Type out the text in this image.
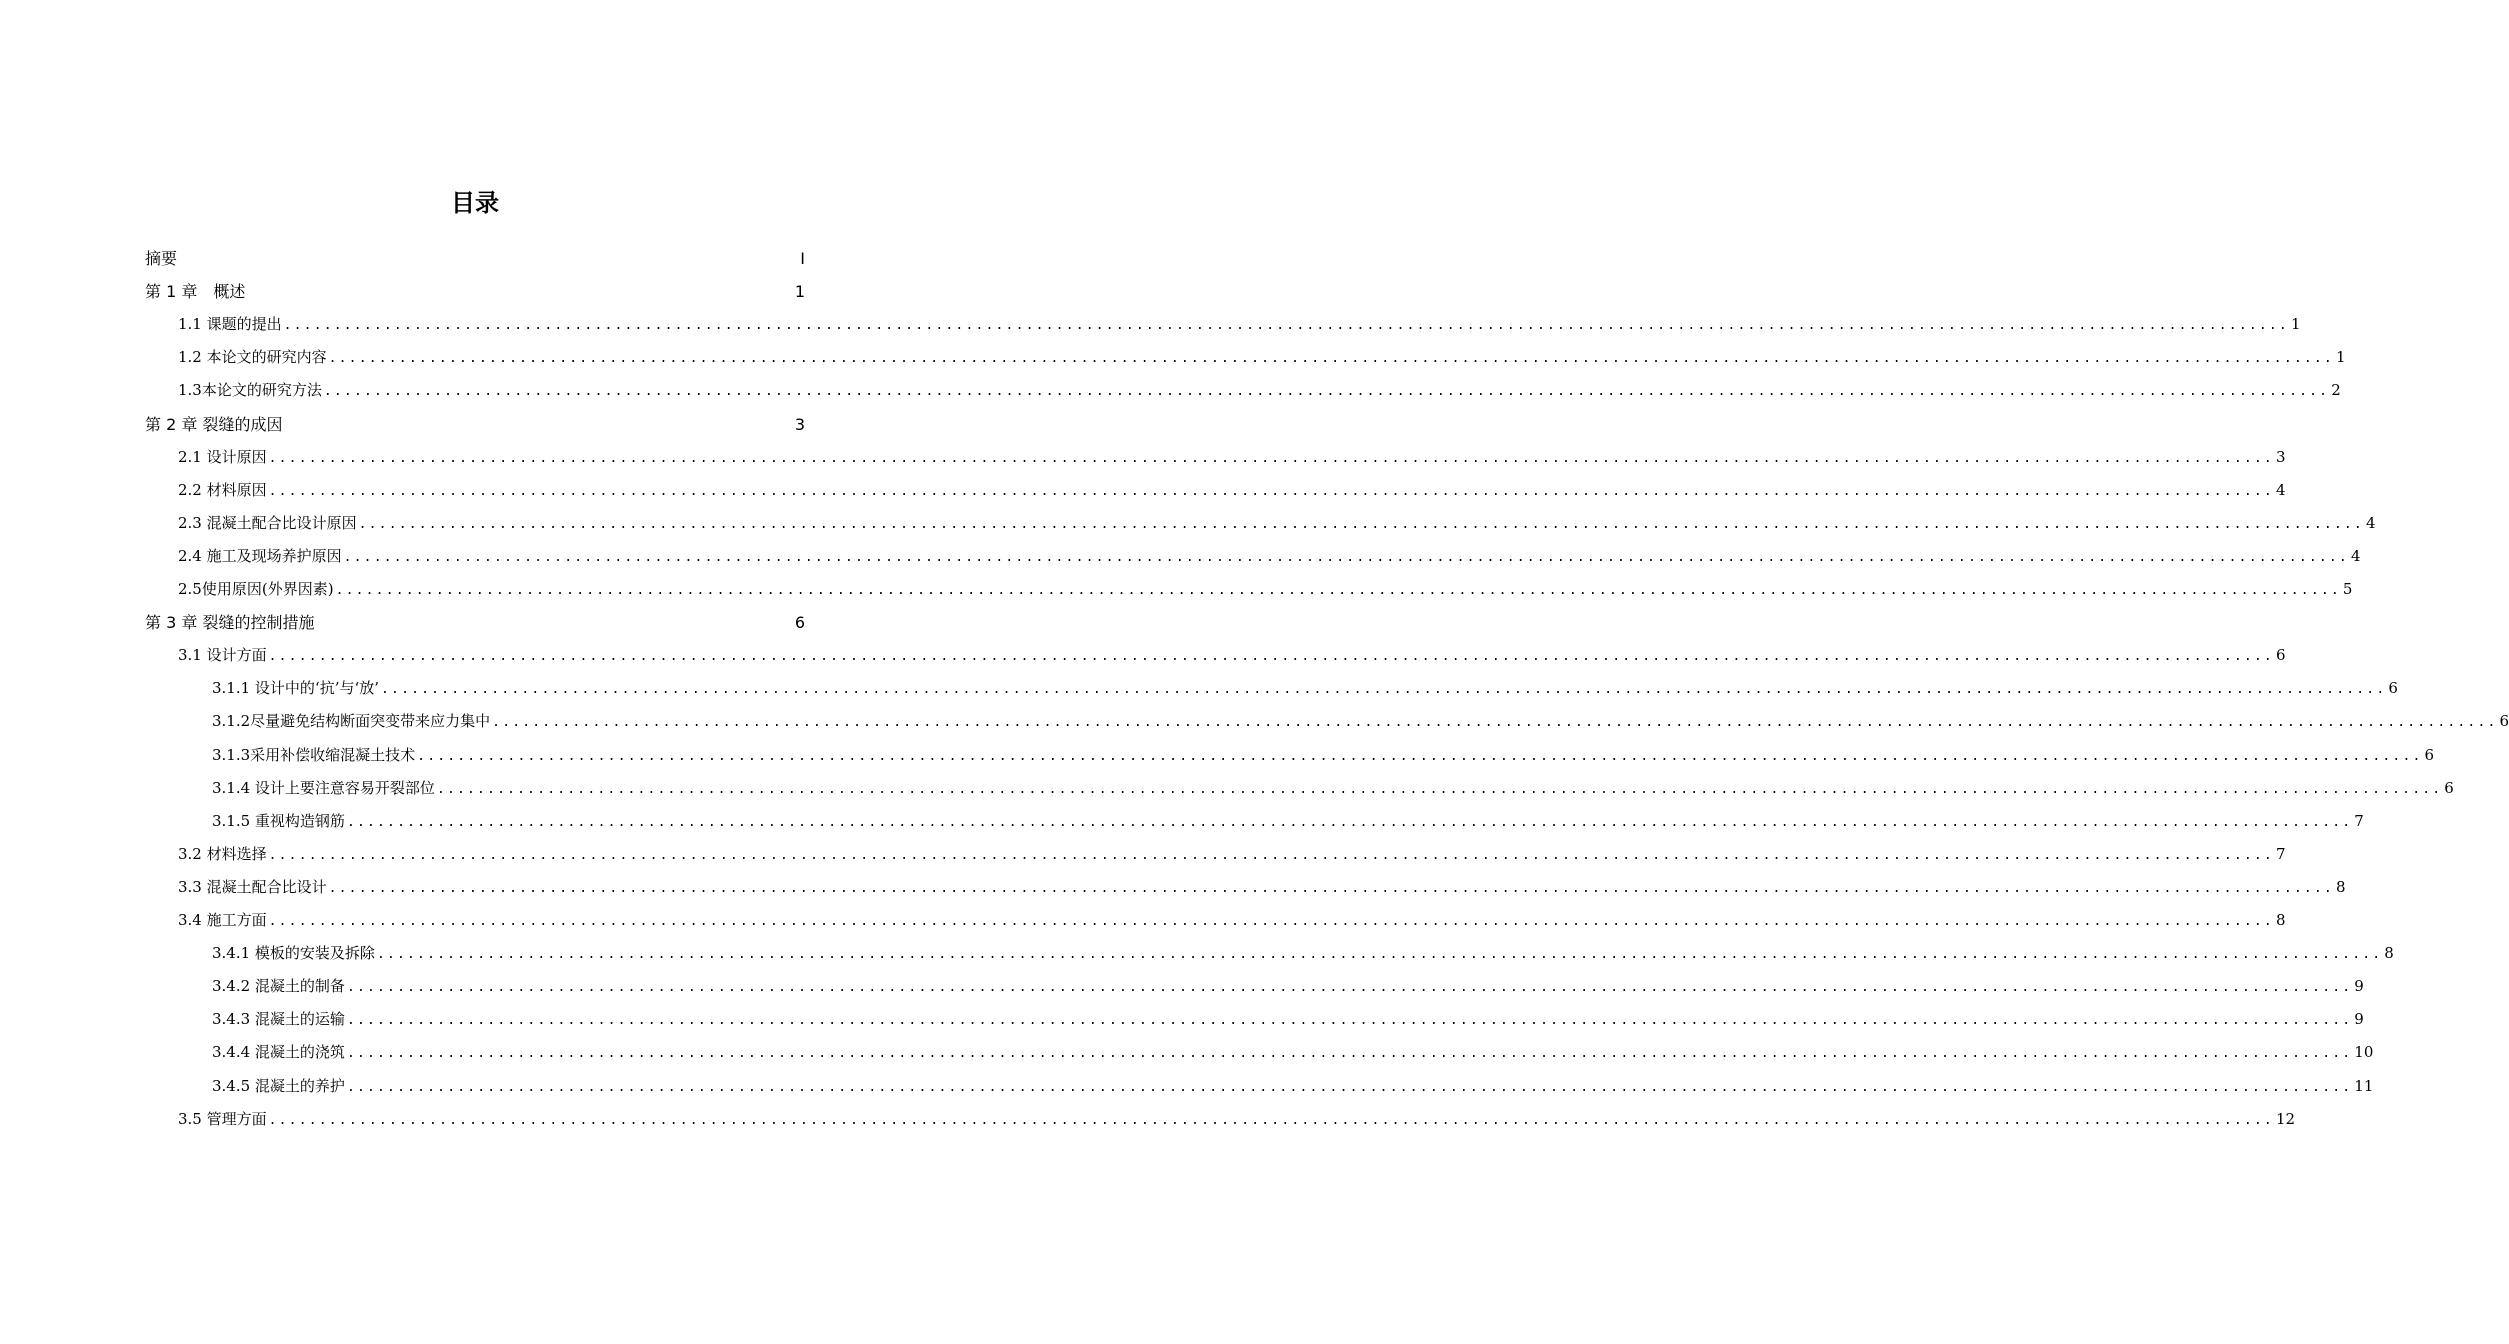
目录
摘要	I
第 1 章　概述	1
1.1 课题的提出 ........................................................................................................................................................................................................ 1
1.2 本论文的研究内容 ........................................................................................................................................................................................................ 1
1.3本论文的研究方法 ........................................................................................................................................................................................................ 2
第 2 章 裂缝的成因	3
2.1 设计原因 ........................................................................................................................................................................................................ 3
2.2 材料原因 ........................................................................................................................................................................................................ 4
2.3 混凝土配合比设计原因 ........................................................................................................................................................................................................ 4
2.4 施工及现场养护原因 ........................................................................................................................................................................................................ 4
2.5使用原因(外界因素) ........................................................................................................................................................................................................ 5
第 3 章 裂缝的控制措施	6
3.1 设计方面 ........................................................................................................................................................................................................ 6
3.1.1 设计中的‘抗’与‘放’ ........................................................................................................................................................................................................ 6
3.1.2尽量避免结构断面突变带来应力集中 ........................................................................................................................................................................................................ 6
3.1.3采用补偿收缩混凝土技术 ........................................................................................................................................................................................................ 6
3.1.4 设计上要注意容易开裂部位 ........................................................................................................................................................................................................ 6
3.1.5 重视构造钢筋 ........................................................................................................................................................................................................ 7
3.2 材料选择 ........................................................................................................................................................................................................ 7
3.3 混凝土配合比设计 ........................................................................................................................................................................................................ 8
3.4 施工方面 ........................................................................................................................................................................................................ 8
3.4.1 模板的安装及拆除 ........................................................................................................................................................................................................ 8
3.4.2 混凝土的制备 ........................................................................................................................................................................................................ 9
3.4.3 混凝土的运输 ........................................................................................................................................................................................................ 9
3.4.4 混凝土的浇筑 ........................................................................................................................................................................................................ 10
3.4.5 混凝土的养护 ........................................................................................................................................................................................................ 11
3.5 管理方面 ........................................................................................................................................................................................................ 12
